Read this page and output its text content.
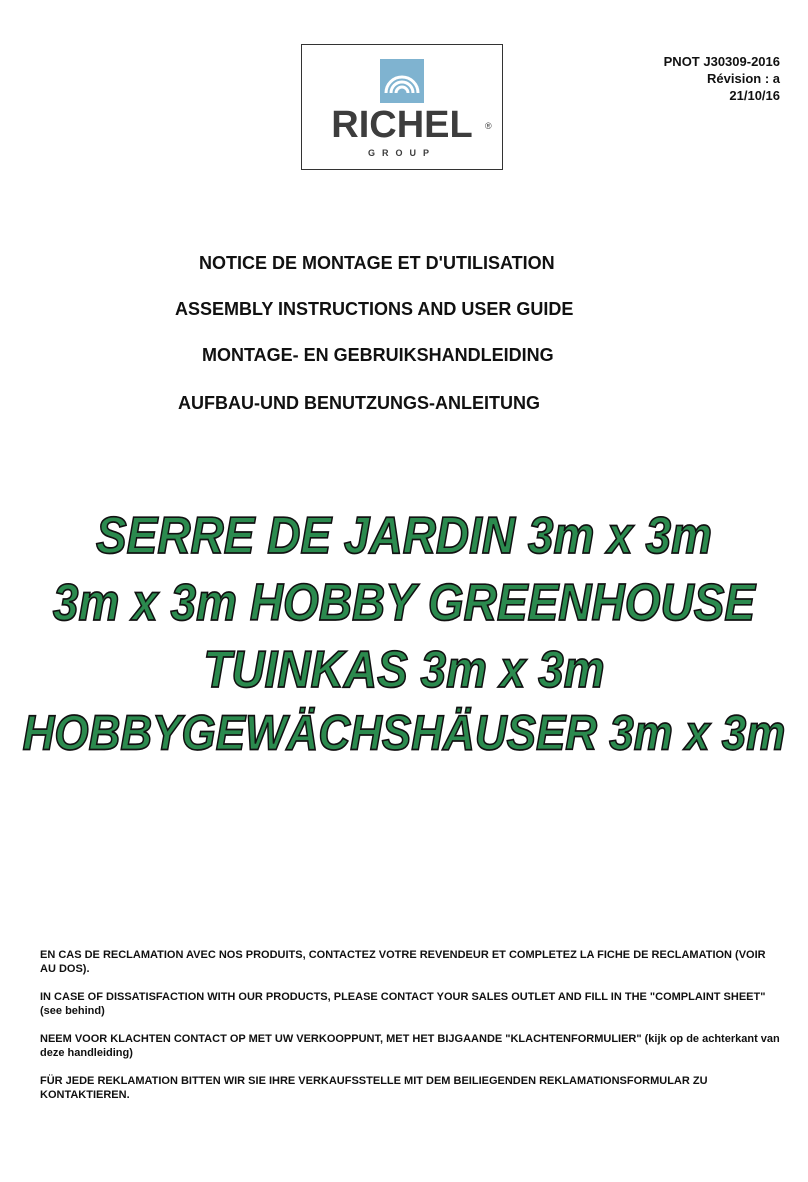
RICHEL	®
GROUP
PNOT J30309-2016
Révision : a
21/10/16
NOTICE DE MONTAGE ET D'UTILISATION
ASSEMBLY INSTRUCTIONS AND USER GUIDE
MONTAGE- EN GEBRUIKSHANDLEIDING
AUFBAU-UND BENUTZUNGS-ANLEITUNG
SERRE DE JARDIN 3m x 3m
3m x 3m HOBBY GREENHOUSE
TUINKAS 3m x 3m
HOBBYGEWÄCHSHÄUSER 3m x 3m

EN CAS DE RECLAMATION AVEC NOS PRODUITS, CONTACTEZ VOTRE REVENDEUR ET COMPLETEZ LA FICHE DE RECLAMATION (VOIR AU DOS).

IN CASE OF DISSATISFACTION WITH OUR PRODUCTS, PLEASE CONTACT YOUR SALES OUTLET AND FILL IN THE "COMPLAINT SHEET"(see behind)

NEEM VOOR KLACHTEN CONTACT OP MET UW VERKOOPPUNT, MET HET BIJGAANDE "KLACHTENFORMULIER" (kijk op de achterkant van deze handleiding)

FÜR JEDE REKLAMATION BITTEN WIR SIE IHRE VERKAUFSSTELLE MIT DEM BEILIEGENDEN REKLAMATIONSFORMULAR ZU KONTAKTIEREN.
